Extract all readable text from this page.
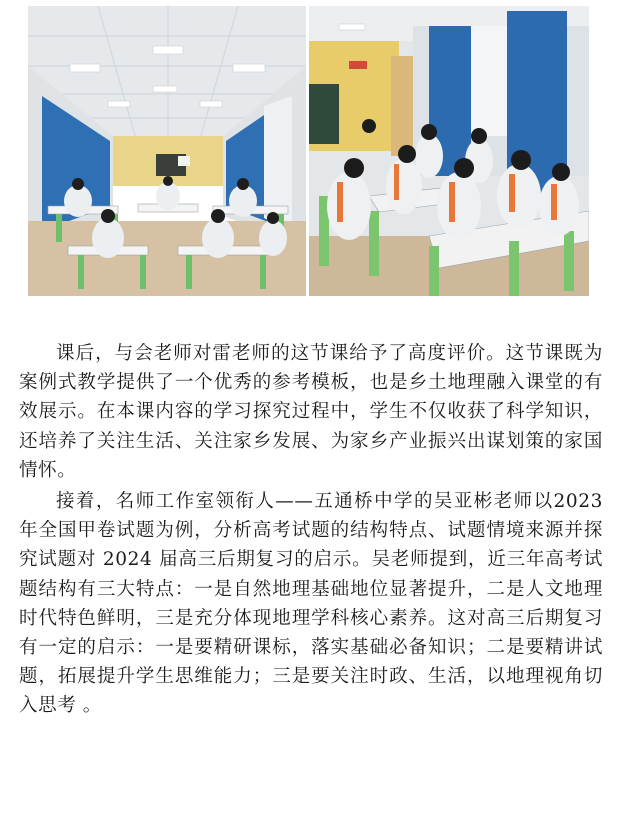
课后，与会老师对雷老师的这节课给予了高度评价。这节课既为案例式教学提供了一个优秀的参考模板，也是乡土地理融入课堂的有效展示。在本课内容的学习探究过程中，学生不仅收获了科学知识，还培养了关注生活、关注家乡发展、为家乡产业振兴出谋划策的家国情怀。

接着，名师工作室领衔人——五通桥中学的吴亚彬老师以2023 年全国甲卷试题为例，分析高考试题的结构特点、试题情境来源并探究试题对 2024 届高三后期复习的启示。吴老师提到，近三年高考试题结构有三大特点：一是自然地理基础地位显著提升，二是人文地理时代特色鲜明，三是充分体现地理学科核心素养。这对高三后期复习有一定的启示：一是要精研课标，落实基础必备知识；二是要精讲试题，拓展提升学生思维能力；三是要关注时政、生活，以地理视角切入思考 。
